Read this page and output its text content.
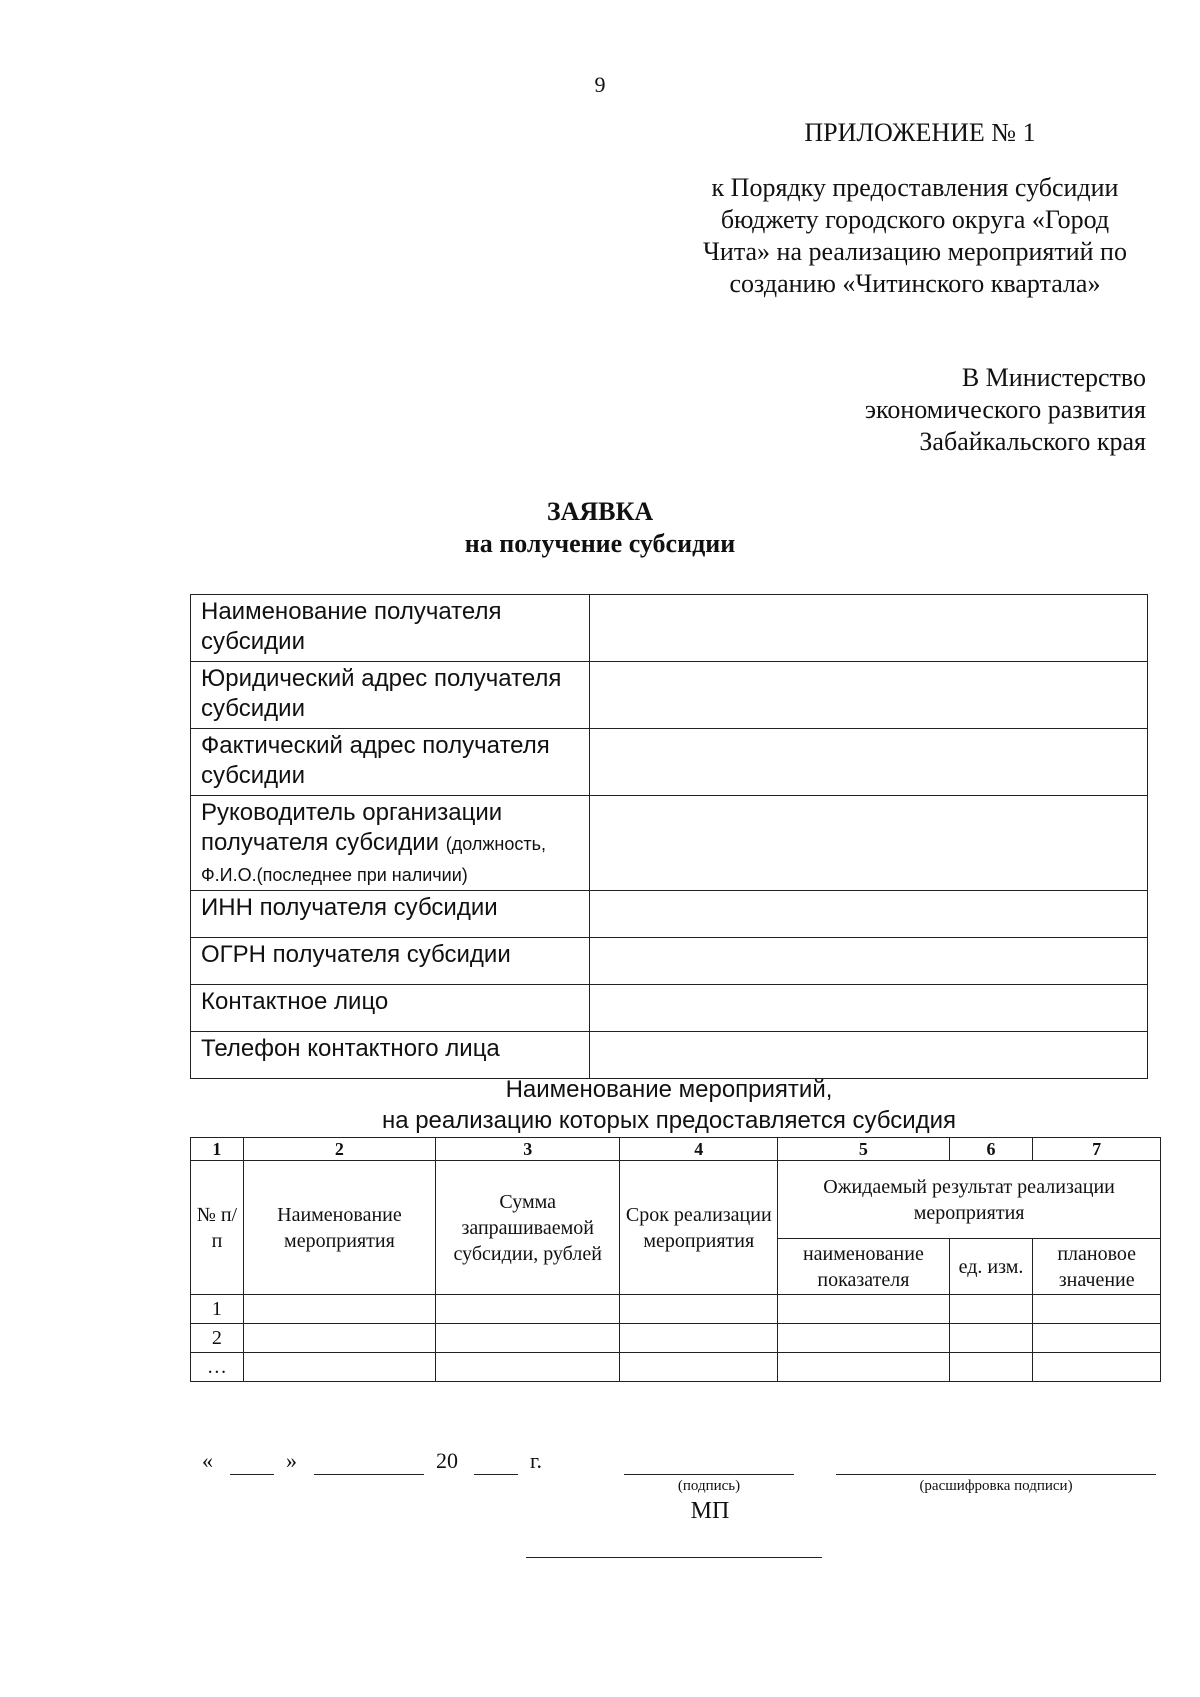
9
ПРИЛОЖЕНИЕ № 1
к Порядку предоставления субсидии
бюджету городского округа «Город
Чита» на реализацию мероприятий по
созданию «Читинского квартала»
В Министерство
экономического развития
Забайкальского края
ЗАЯВКА
на получение субсидии
Наименование получателя субсидии	
Юридический адрес получателя субсидии	
Фактический адрес получателя субсидии	
Руководитель организации получателя субсидии (должность, Ф.И.О.(последнее при наличии)	
ИНН получателя субсидии	
ОГРН получателя субсидии	
Контактное лицо	
Телефон контактного лица	
Наименование мероприятий,
на реализацию которых предоставляется субсидия
1	2	3	4	5	6	7
№ п/п	Наименование мероприятия	Сумма запрашиваемой субсидии, рублей	Срок реализации мероприятия	Ожидаемый результат реализации мероприятия		
				наименование показателя	ед. изм.	плановое значение
1						
2						
…						
«	»	20	г.
(подпись)	(расшифровка подписи)
МП
